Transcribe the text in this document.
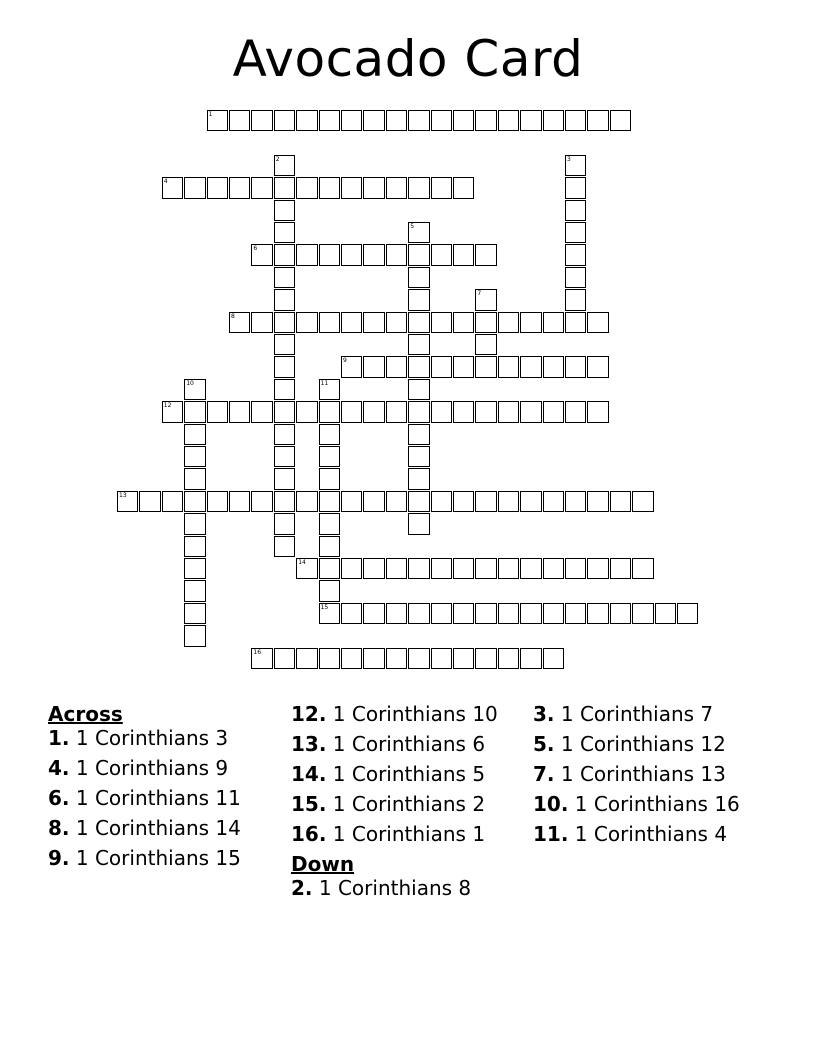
Avocado Card
1
4
6
8
9
12
13
14
15
16
2	3
5
7
10	11
Across
1. 1 Corinthians 3
4. 1 Corinthians 9
6. 1 Corinthians 11
8. 1 Corinthians 14
9. 1 Corinthians 15
12. 1 Corinthians 10
13. 1 Corinthians 6
14. 1 Corinthians 5
15. 1 Corinthians 2
16. 1 Corinthians 1
Down
2. 1 Corinthians 8
3. 1 Corinthians 7
5. 1 Corinthians 12
7. 1 Corinthians 13
10. 1 Corinthians 16
11. 1 Corinthians 4
